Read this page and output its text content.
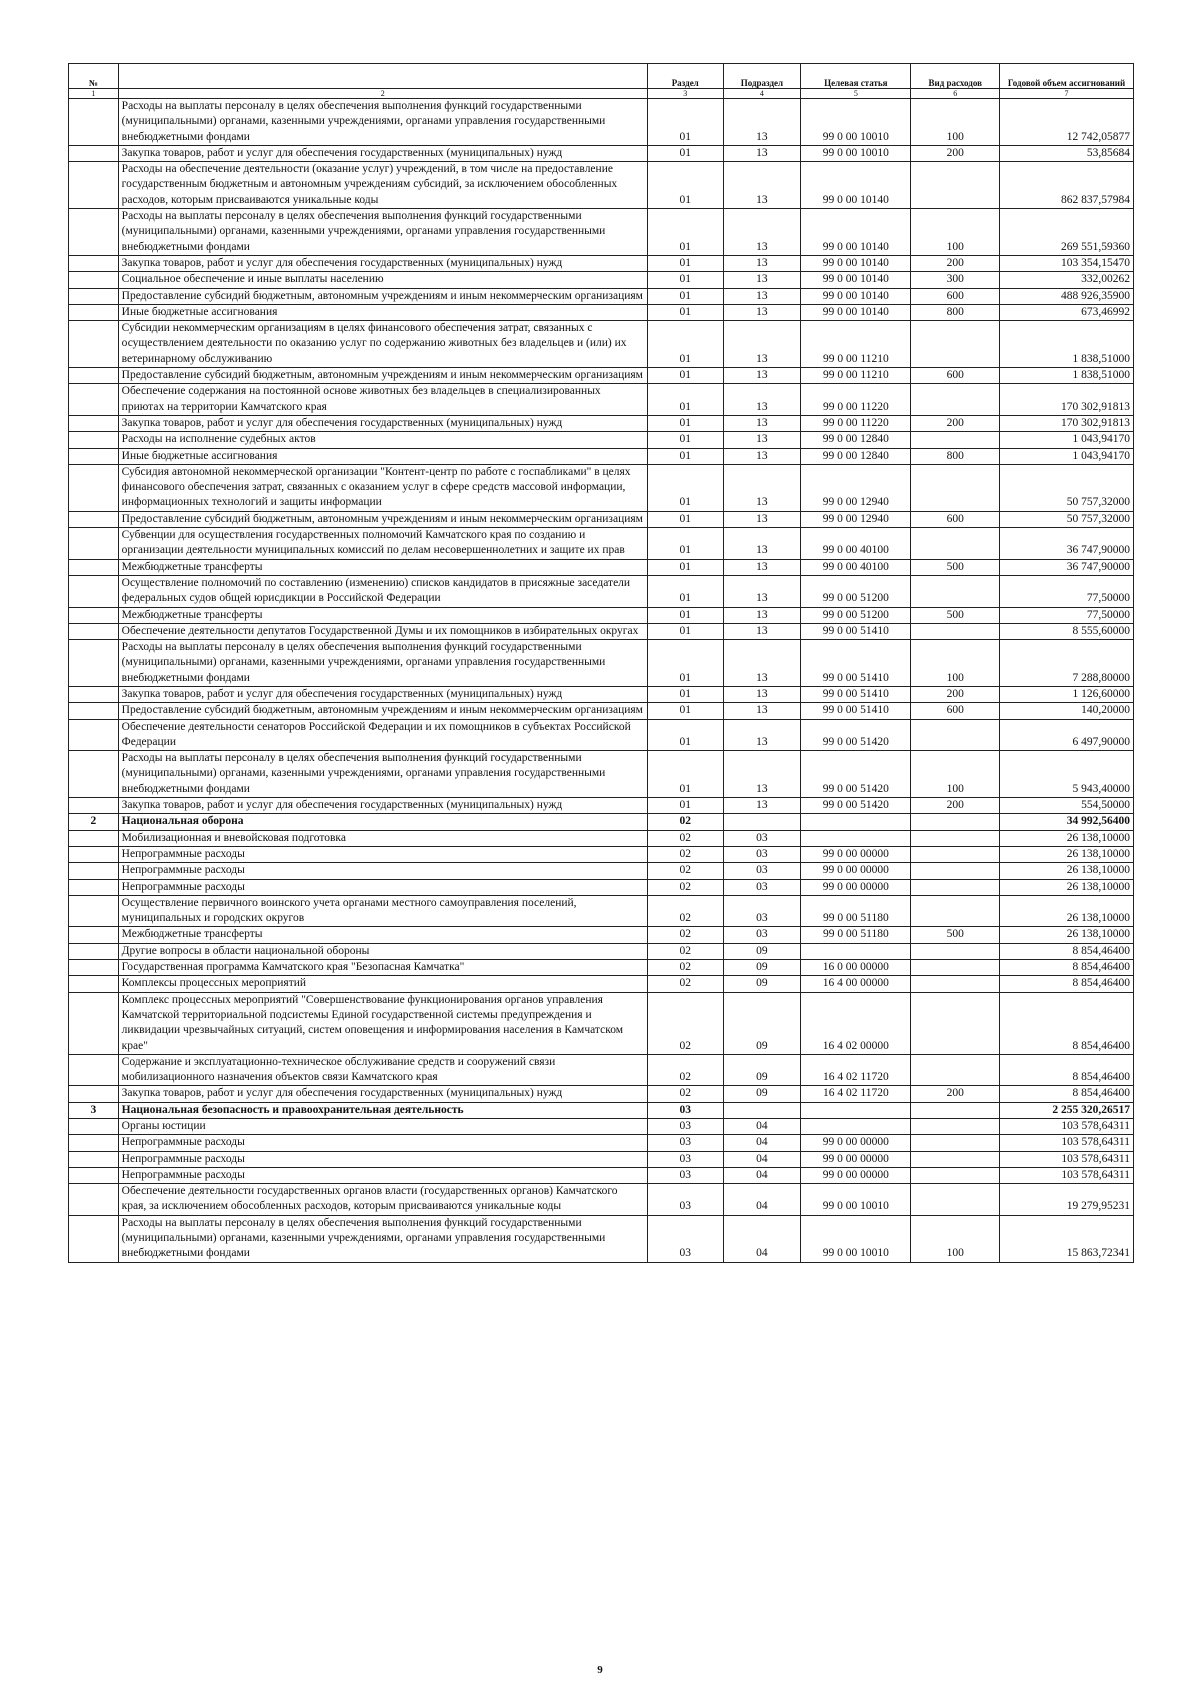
№		Раздел	Подраздел	Целевая статья	Вид расходов	Годовой объем ассигнований
1	2	3	4	5	6	7
	Расходы на выплаты персоналу в целях обеспечения выполнения функций государственными (муниципальными) органами, казенными учреждениями, органами управления государственными внебюджетными фондами	01	13	99 0 00 10010	100	12 742,05877
	Закупка товаров, работ и услуг для обеспечения государственных (муниципальных) нужд	01	13	99 0 00 10010	200	53,85684
	Расходы на обеспечение деятельности (оказание услуг) учреждений, в том числе на предоставление государственным бюджетным и автономным учреждениям субсидий, за исключением обособленных расходов, которым присваиваются уникальные коды	01	13	99 0 00 10140		862 837,57984
	Расходы на выплаты персоналу в целях обеспечения выполнения функций государственными (муниципальными) органами, казенными учреждениями, органами управления государственными внебюджетными фондами	01	13	99 0 00 10140	100	269 551,59360
	Закупка товаров, работ и услуг для обеспечения государственных (муниципальных) нужд	01	13	99 0 00 10140	200	103 354,15470
	Социальное обеспечение и иные выплаты населению	01	13	99 0 00 10140	300	332,00262
	Предоставление субсидий бюджетным, автономным учреждениям и иным некоммерческим организациям	01	13	99 0 00 10140	600	488 926,35900
	Иные бюджетные ассигнования	01	13	99 0 00 10140	800	673,46992
	Субсидии некоммерческим организациям в целях финансового обеспечения затрат, связанных с осуществлением деятельности по оказанию услуг по содержанию животных без владельцев и (или) их ветеринарному обслуживанию	01	13	99 0 00 11210		1 838,51000
	Предоставление субсидий бюджетным, автономным учреждениям и иным некоммерческим организациям	01	13	99 0 00 11210	600	1 838,51000
	Обеспечение содержания на постоянной основе животных без владельцев в специализированных приютах на территории Камчатского края	01	13	99 0 00 11220		170 302,91813
	Закупка товаров, работ и услуг для обеспечения государственных (муниципальных) нужд	01	13	99 0 00 11220	200	170 302,91813
	Расходы на исполнение судебных актов	01	13	99 0 00 12840		1 043,94170
	Иные бюджетные ассигнования	01	13	99 0 00 12840	800	1 043,94170
	Субсидия автономной некоммерческой организации "Контент-центр по работе с госпабликами" в целях финансового обеспечения затрат, связанных с оказанием услуг в сфере средств массовой информации, информационных технологий и защиты информации	01	13	99 0 00 12940		50 757,32000
	Предоставление субсидий бюджетным, автономным учреждениям и иным некоммерческим организациям	01	13	99 0 00 12940	600	50 757,32000
	Субвенции для осуществления государственных полномочий Камчатского края по созданию и организации деятельности муниципальных комиссий по делам несовершеннолетних и защите их прав	01	13	99 0 00 40100		36 747,90000
	Межбюджетные трансферты	01	13	99 0 00 40100	500	36 747,90000
	Осуществление полномочий по составлению (изменению) списков кандидатов в присяжные заседатели федеральных судов общей юрисдикции в Российской Федерации	01	13	99 0 00 51200		77,50000
	Межбюджетные трансферты	01	13	99 0 00 51200	500	77,50000
	Обеспечение деятельности депутатов Государственной Думы и их помощников в избирательных округах	01	13	99 0 00 51410		8 555,60000
	Расходы на выплаты персоналу в целях обеспечения выполнения функций государственными (муниципальными) органами, казенными учреждениями, органами управления государственными внебюджетными фондами	01	13	99 0 00 51410	100	7 288,80000
	Закупка товаров, работ и услуг для обеспечения государственных (муниципальных) нужд	01	13	99 0 00 51410	200	1 126,60000
	Предоставление субсидий бюджетным, автономным учреждениям и иным некоммерческим организациям	01	13	99 0 00 51410	600	140,20000
	Обеспечение деятельности сенаторов Российской Федерации и их помощников в субъектах Российской Федерации	01	13	99 0 00 51420		6 497,90000
	Расходы на выплаты персоналу в целях обеспечения выполнения функций государственными (муниципальными) органами, казенными учреждениями, органами управления государственными внебюджетными фондами	01	13	99 0 00 51420	100	5 943,40000
	Закупка товаров, работ и услуг для обеспечения государственных (муниципальных) нужд	01	13	99 0 00 51420	200	554,50000
2	Национальная оборона	02				34 992,56400
	Мобилизационная и вневойсковая подготовка	02	03			26 138,10000
	Непрограммные расходы	02	03	99 0 00 00000		26 138,10000
	Непрограммные расходы	02	03	99 0 00 00000		26 138,10000
	Непрограммные расходы	02	03	99 0 00 00000		26 138,10000
	Осуществление первичного воинского учета органами местного самоуправления поселений, муниципальных и городских округов	02	03	99 0 00 51180		26 138,10000
	Межбюджетные трансферты	02	03	99 0 00 51180	500	26 138,10000
	Другие вопросы в области национальной обороны	02	09			8 854,46400
	Государственная программа Камчатского края "Безопасная Камчатка"	02	09	16 0 00 00000		8 854,46400
	Комплексы процессных мероприятий	02	09	16 4 00 00000		8 854,46400
	Комплекс процессных мероприятий "Совершенствование функционирования органов управления Камчатской территориальной подсистемы Единой государственной системы предупреждения и ликвидации чрезвычайных ситуаций, систем оповещения и информирования населения в Камчатском крае"	02	09	16 4 02 00000		8 854,46400
	Содержание и эксплуатационно-техническое обслуживание средств и сооружений связи мобилизационного назначения объектов связи Камчатского края	02	09	16 4 02 11720		8 854,46400
	Закупка товаров, работ и услуг для обеспечения государственных (муниципальных) нужд	02	09	16 4 02 11720	200	8 854,46400
3	Национальная безопасность и правоохранительная деятельность	03				2 255 320,26517
	Органы юстиции	03	04			103 578,64311
	Непрограммные расходы	03	04	99 0 00 00000		103 578,64311
	Непрограммные расходы	03	04	99 0 00 00000		103 578,64311
	Непрограммные расходы	03	04	99 0 00 00000		103 578,64311
	Обеспечение деятельности государственных органов власти (государственных органов) Камчатского края, за исключением обособленных расходов, которым присваиваются уникальные коды	03	04	99 0 00 10010		19 279,95231
	Расходы на выплаты персоналу в целях обеспечения выполнения функций государственными (муниципальными) органами, казенными учреждениями, органами управления государственными внебюджетными фондами	03	04	99 0 00 10010	100	15 863,72341
9
